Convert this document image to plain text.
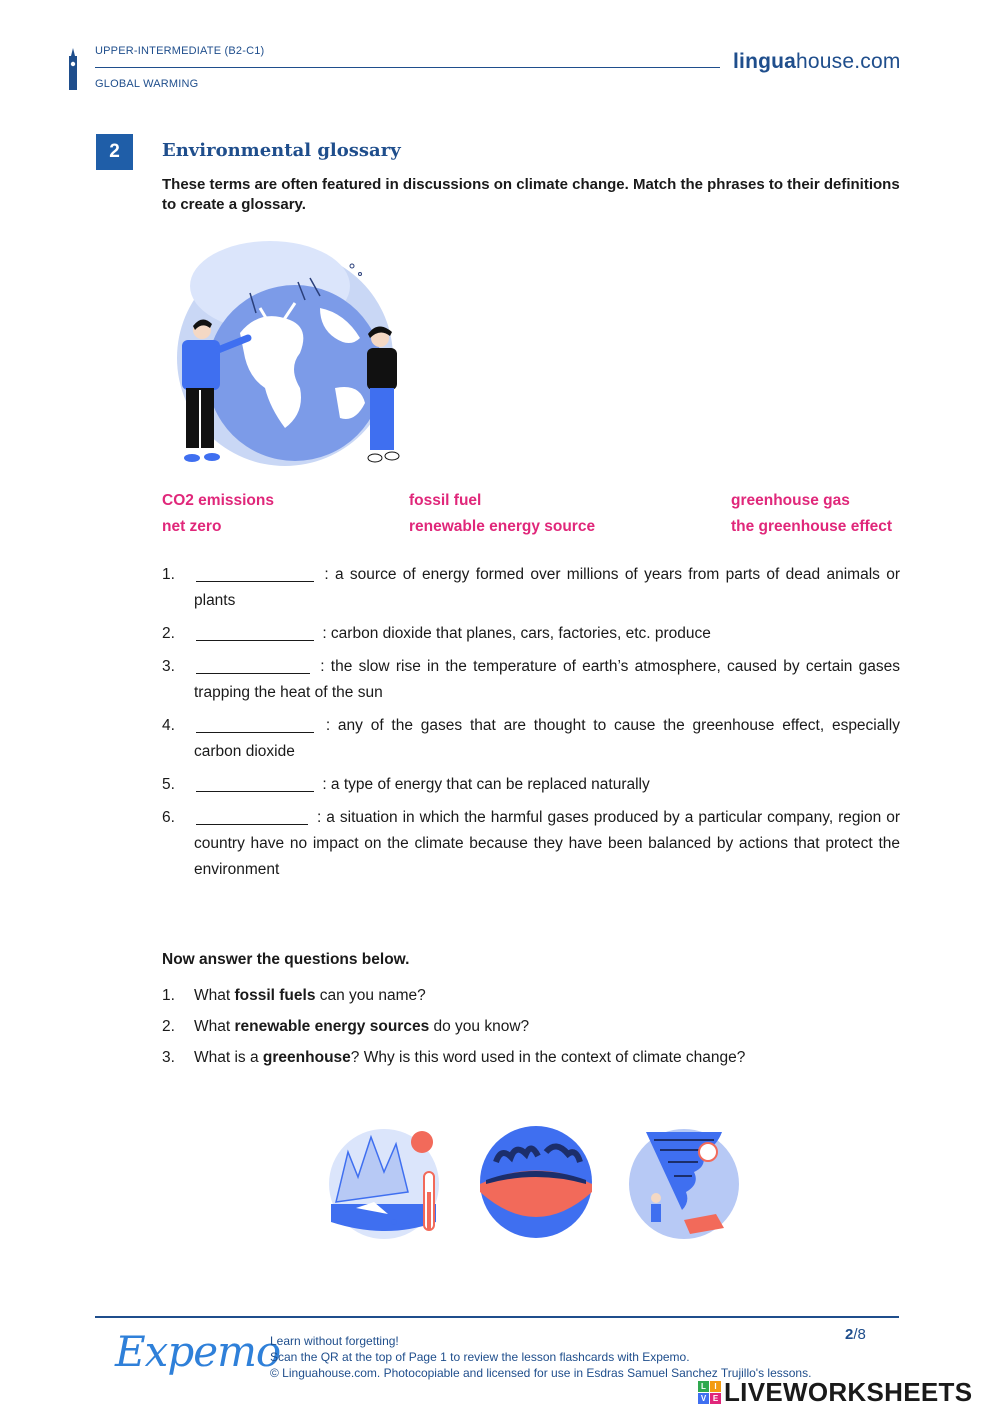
UPPER-INTERMEDIATE (B2-C1)
GLOBAL WARMING
linguahouse.com
2	Environmental glossary
These terms are often featured in discussions on climate change. Match the phrases to their definitions to create a glossary.
CO2 emissions	fossil fuel	greenhouse gas
net zero	renewable energy source	the greenhouse effect
1.	: a source of energy formed over millions of years from parts of dead animals or plants
2.	: carbon dioxide that planes, cars, factories, etc. produce
3.	: the slow rise in the temperature of earth’s atmosphere, caused by certain gases trapping the heat of the sun
4.	: any of the gases that are thought to cause the greenhouse effect, especially carbon dioxide
5.	: a type of energy that can be replaced naturally
6.	: a situation in which the harmful gases produced by a particular company, region or country have no impact on the climate because they have been balanced by actions that protect the environment
Now answer the questions below.
1. What fossil fuels can you name?
2. What renewable energy sources do you know?
3. What is a greenhouse? Why is this word used in the context of climate change?
Expemo
Learn without forgetting!
Scan the QR at the top of Page 1 to review the lesson flashcards with Expemo.
© Linguahouse.com. Photocopiable and licensed for use in Esdras Samuel Sanchez Trujillo's lessons.
2/8
L	I
V E LIVEWORKSHEETS
